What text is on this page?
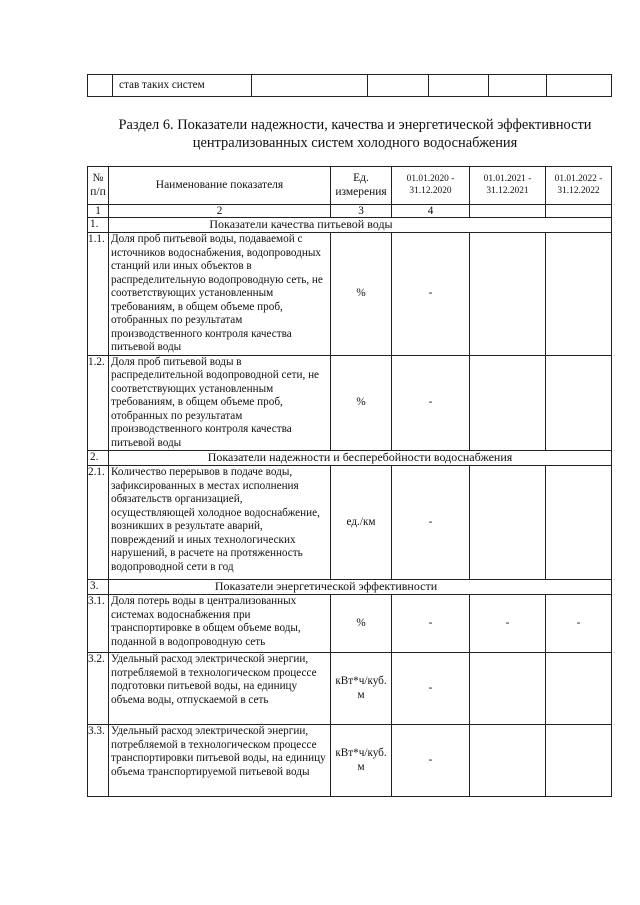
	став таких систем					
Раздел 6. Показатели надежности, качества и энергетической эффективности
централизованных систем холодного водоснабжения
№ п/п	Наименование показателя	Ед. измерения	01.01.2020 - 31.12.2020	01.01.2021 - 31.12.2021	01.01.2022 - 31.12.2022
1	2	3	4		
1.	Показатели качества питьевой воды				
1.1.	Доля проб питьевой воды, подаваемой с источников водоснабжения, водопроводных станций или иных объектов в распределительную водопроводную сеть, не соответствующих установленным требованиям, в общем объеме проб, отобранных по результатам производственного контроля качества питьевой воды	%	-		
1.2.	Доля проб питьевой воды в распределительной водопроводной сети, не соответствующих установленным требованиям, в общем объеме проб, отобранных по результатам производственного контроля качества питьевой воды	%	-		
2.	Показатели надежности и бесперебойности водоснабжения				
2.1.	Количество перерывов в подаче воды, зафиксированных в местах исполнения обязательств организацией, осуществляющей холодное водоснабжение, возникших в результате аварий, повреждений и иных технологических нарушений, в расчете на протяженность водопроводной сети в год	ед./км	-		
3.	Показатели энергетической эффективности				
3.1.	Доля потерь воды в централизованных системах водоснабжения при транспортировке в общем объеме воды, поданной в водопроводную сеть	%	-	-	-
3.2.	Удельный расход электрической энергии, потребляемой в технологическом процессе подготовки питьевой воды, на единицу объема воды, отпускаемой в сеть	кВт*ч/куб. м	-		
3.3.	Удельный расход электрической энергии, потребляемой в технологическом процессе транспортировки питьевой воды, на единицу объема транспортируемой питьевой воды	кВт*ч/куб. м	-		
